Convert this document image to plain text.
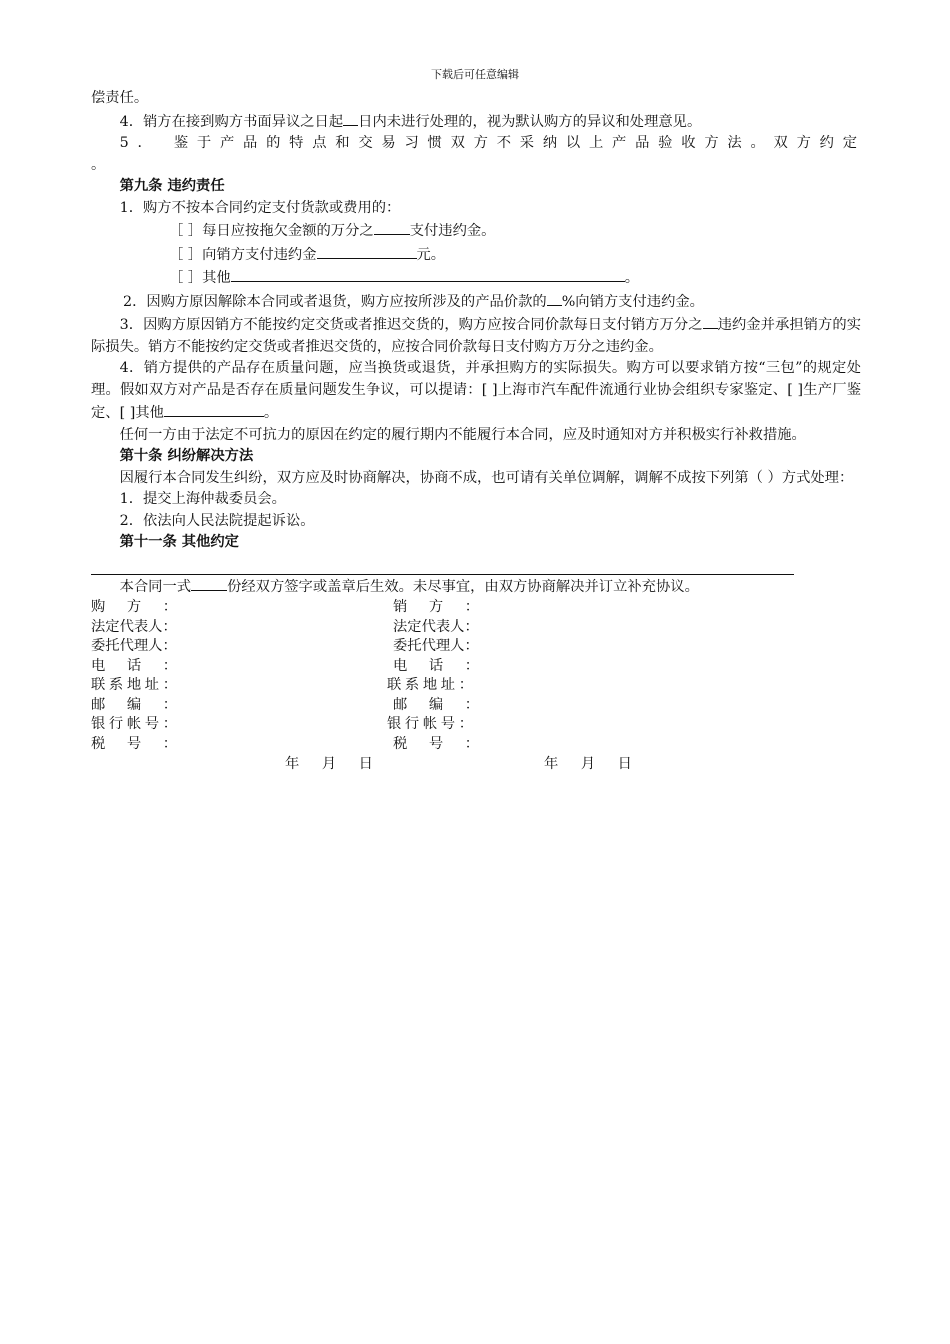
下载后可任意编辑

偿责任。

4．销方在接到购方书面异议之日起 日内未进行处理的，视为默认购方的异议和处理意见。

5． 鉴于产品的特点和交易习惯双方不采纳以上产品验收方法。双方约定

。

第九条 违约责任

1．购方不按本合同约定支付货款或费用的：

［ ］每日应按拖欠金额的万分之	支付违约金。

［ ］向销方支付违约金	元。

［ ］其他	。

2．因购方原因解除本合同或者退货，购方应按所涉及的产品价款的 %向销方支付违约金。

3．因购方原因销方不能按约定交货或者推迟交货的，购方应按合同价款每日支付销方万分之 违约金并承担销方的实际损失。销方不能按约定交货或者推迟交货的，应按合同价款每日支付购方万分之违约金。

4．销方提供的产品存在质量问题，应当换货或退货，并承担购方的实际损失。购方可以要求销方按“三包”的规定处理。假如双方对产品是否存在质量问题发生争议，可以提请：[ ]上海市汽车配件流通行业协会组织专家鉴定、[ ]生产厂鉴定、[ ]其他	。

任何一方由于法定不可抗力的原因在约定的履行期内不能履行本合同，应及时通知对方并积极实行补救措施。

第十条 纠纷解决方法

因履行本合同发生纠纷，双方应及时协商解决，协商不成，也可请有关单位调解，调解不成按下列第（ ）方式处理：

1．提交上海仲裁委员会。

2．依法向人民法院提起诉讼。

第十一条 其他约定

本合同一式	份经双方签字或盖章后生效。未尽事宜，由双方协商解决并订立补充协议。

购方：	销方：
法定代表人：	法定代表人：
委托代理人：	委托代理人：
电话：	电话：
联系地址：	联系地址：
邮编：	邮编：
银行帐号：	银行帐号：
税号：	税号：
年 月 日	年 月 日
